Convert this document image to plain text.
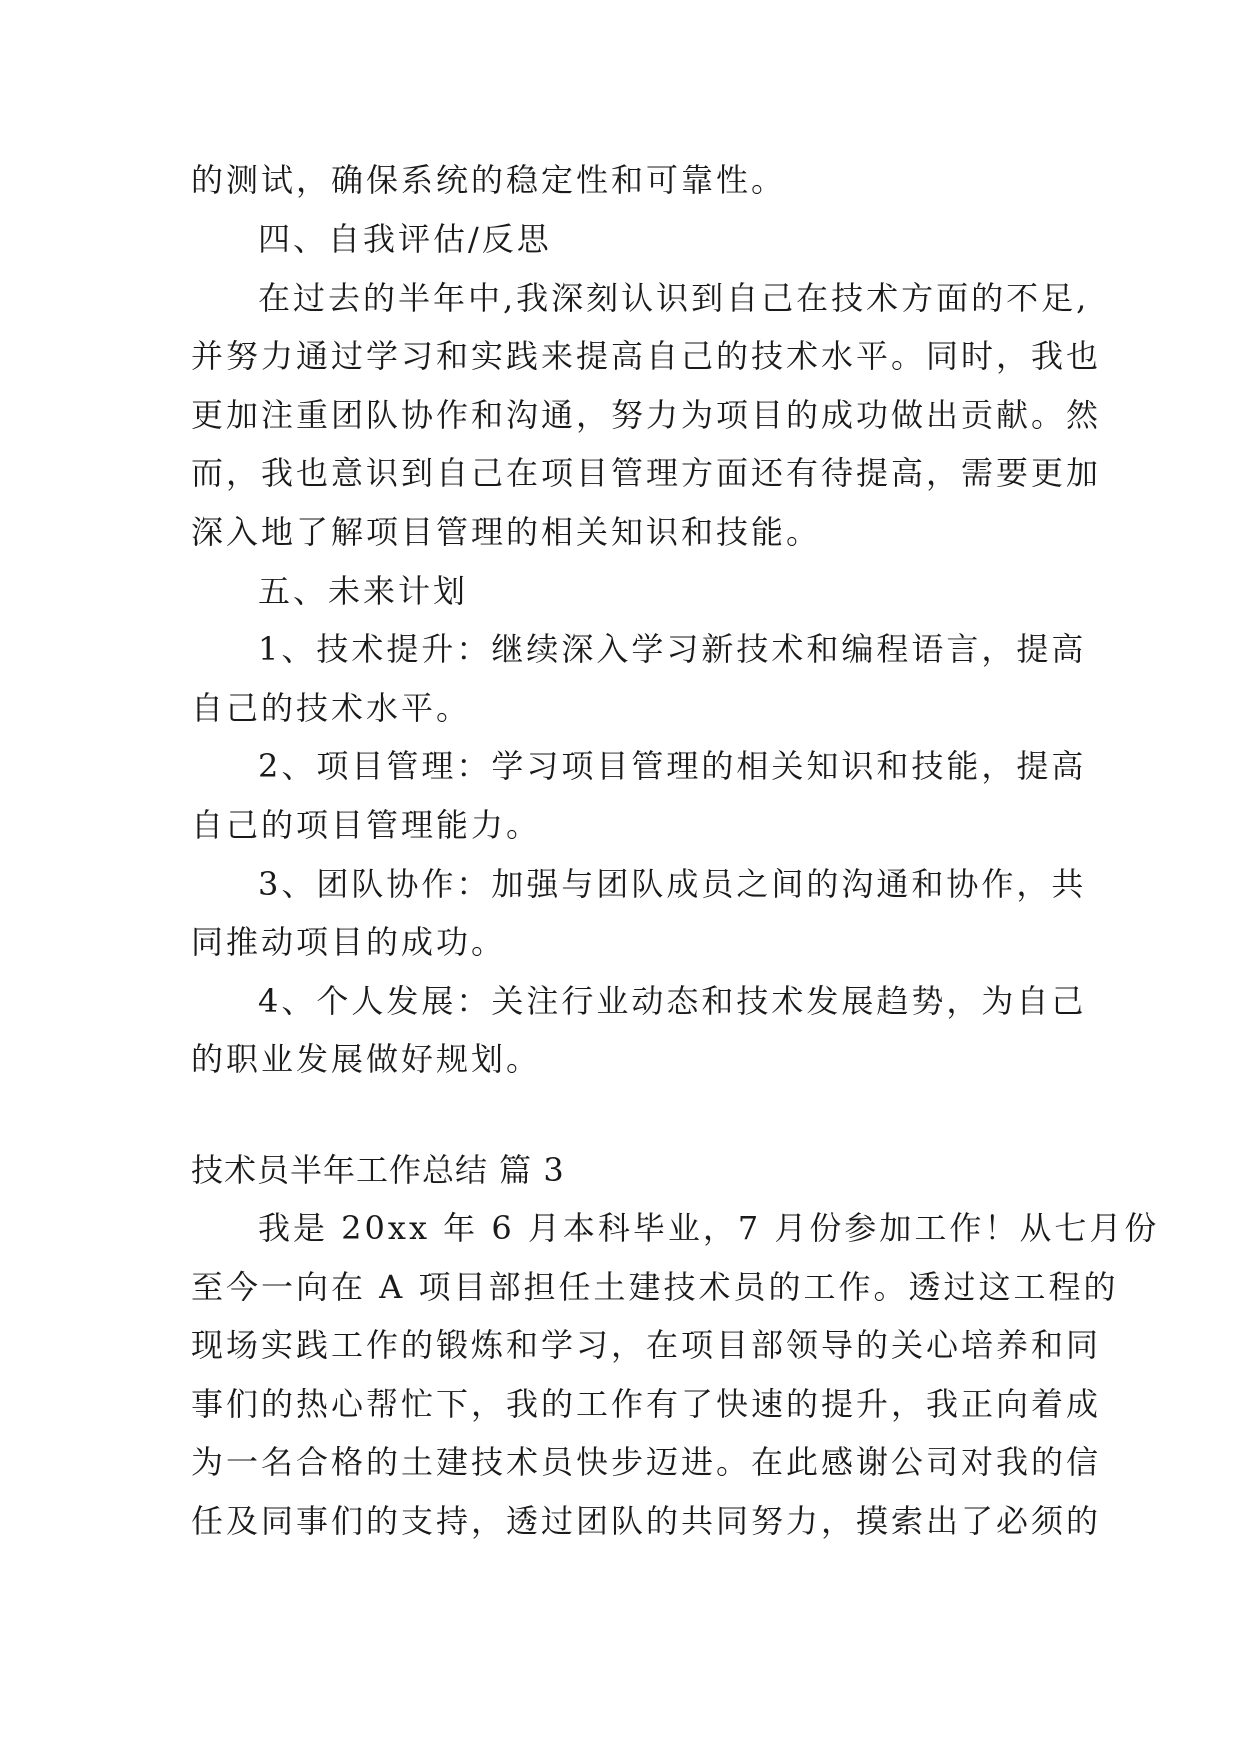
的测试，确保系统的稳定性和可靠性。
四、自我评估/反思
在过去的半年中,我深刻认识到自己在技术方面的不足,
并努力通过学习和实践来提高自己的技术水平。同时，我也
更加注重团队协作和沟通，努力为项目的成功做出贡献。然
而，我也意识到自己在项目管理方面还有待提高，需要更加
深入地了解项目管理的相关知识和技能。
五、未来计划
1、技术提升：继续深入学习新技术和编程语言，提高
自己的技术水平。
2、项目管理：学习项目管理的相关知识和技能，提高
自己的项目管理能力。
3、团队协作：加强与团队成员之间的沟通和协作，共
同推动项目的成功。
4、个人发展：关注行业动态和技术发展趋势，为自己
的职业发展做好规划。
技术员半年工作总结 篇 3
我是 20xx 年 6 月本科毕业，7 月份参加工作！从七月份
至今一向在 A 项目部担任土建技术员的工作。透过这工程的
现场实践工作的锻炼和学习，在项目部领导的关心培养和同
事们的热心帮忙下，我的工作有了快速的提升，我正向着成
为一名合格的土建技术员快步迈进。在此感谢公司对我的信
任及同事们的支持，透过团队的共同努力，摸索出了必须的
